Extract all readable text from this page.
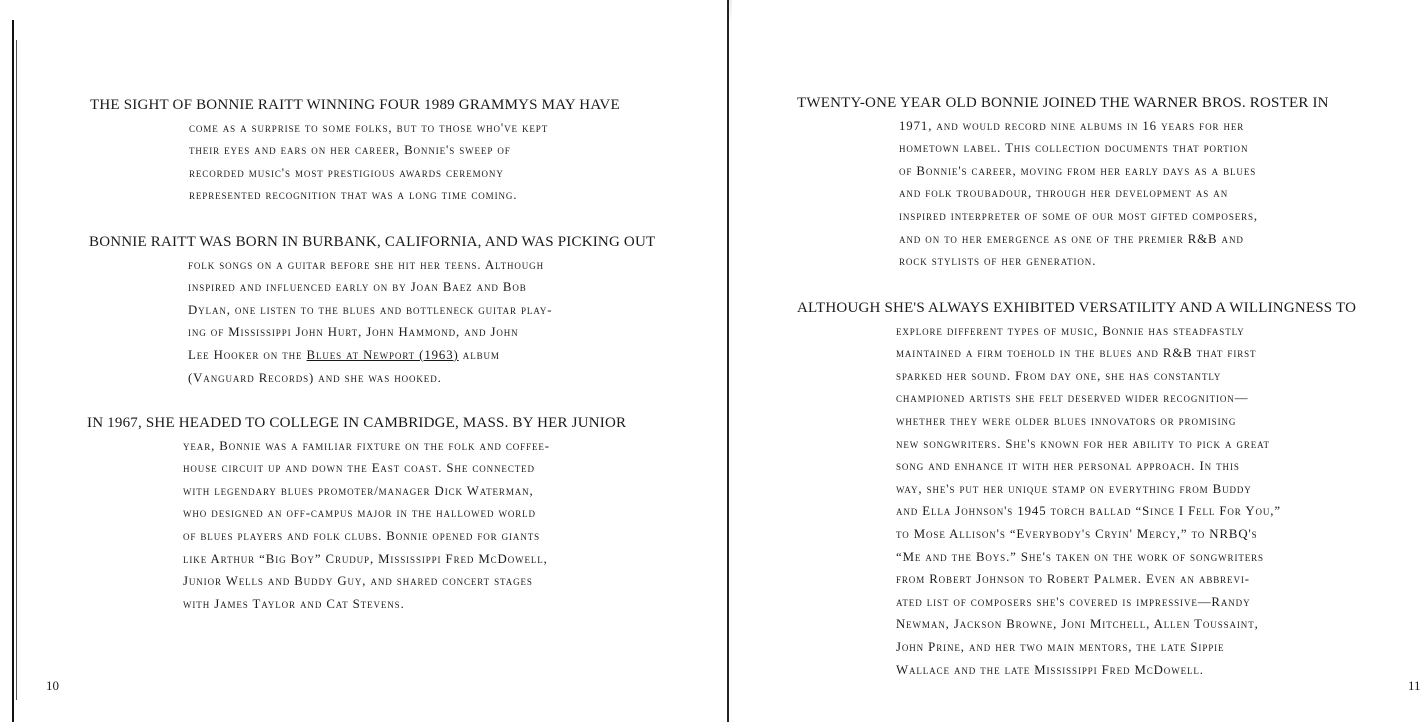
THE SIGHT OF BONNIE RAITT WINNING FOUR 1989 GRAMMYS MAY HAVE
come as a surprise to some folks, but to those who've kept
their eyes and ears on her career, Bonnie's sweep of
recorded music's most prestigious awards ceremony
represented recognition that was a long time coming.
BONNIE RAITT WAS BORN IN BURBANK, CALIFORNIA, AND WAS PICKING OUT
folk songs on a guitar before she hit her teens. Although
inspired and influenced early on by Joan Baez and Bob
Dylan, one listen to the blues and bottleneck guitar play-
ing of Mississippi John Hurt, John Hammond, and John
Lee Hooker on the Blues at Newport (1963) album
(Vanguard Records) and she was hooked.
IN 1967, SHE HEADED TO COLLEGE IN CAMBRIDGE, MASS. BY HER JUNIOR
year, Bonnie was a familiar fixture on the folk and coffee-
house circuit up and down the East coast. She connected
with legendary blues promoter/manager Dick Waterman,
who designed an off-campus major in the hallowed world
of blues players and folk clubs. Bonnie opened for giants
like Arthur “Big Boy” Crudup, Mississippi Fred McDowell,
Junior Wells and Buddy Guy, and shared concert stages
with James Taylor and Cat Stevens.
10
TWENTY-ONE YEAR OLD BONNIE JOINED THE WARNER BROS. ROSTER IN
1971, and would record nine albums in 16 years for her
hometown label. This collection documents that portion
of Bonnie's career, moving from her early days as a blues
and folk troubadour, through her development as an
inspired interpreter of some of our most gifted composers,
and on to her emergence as one of the premier R&B and
rock stylists of her generation.
ALTHOUGH SHE'S ALWAYS EXHIBITED VERSATILITY AND A WILLINGNESS TO
explore different types of music, Bonnie has steadfastly
maintained a firm toehold in the blues and R&B that first
sparked her sound. From day one, she has constantly
championed artists she felt deserved wider recognition—
whether they were older blues innovators or promising
new songwriters. She's known for her ability to pick a great
song and enhance it with her personal approach. In this
way, she's put her unique stamp on everything from Buddy
and Ella Johnson's 1945 torch ballad “Since I Fell For You,”
to Mose Allison's “Everybody's Cryin' Mercy,” to NRBQ's
“Me and the Boys.” She's taken on the work of songwriters
from Robert Johnson to Robert Palmer. Even an abbrevi-
ated list of composers she's covered is impressive—Randy
Newman, Jackson Browne, Joni Mitchell, Allen Toussaint,
John Prine, and her two main mentors, the late Sippie
Wallace and the late Mississippi Fred McDowell.
11
